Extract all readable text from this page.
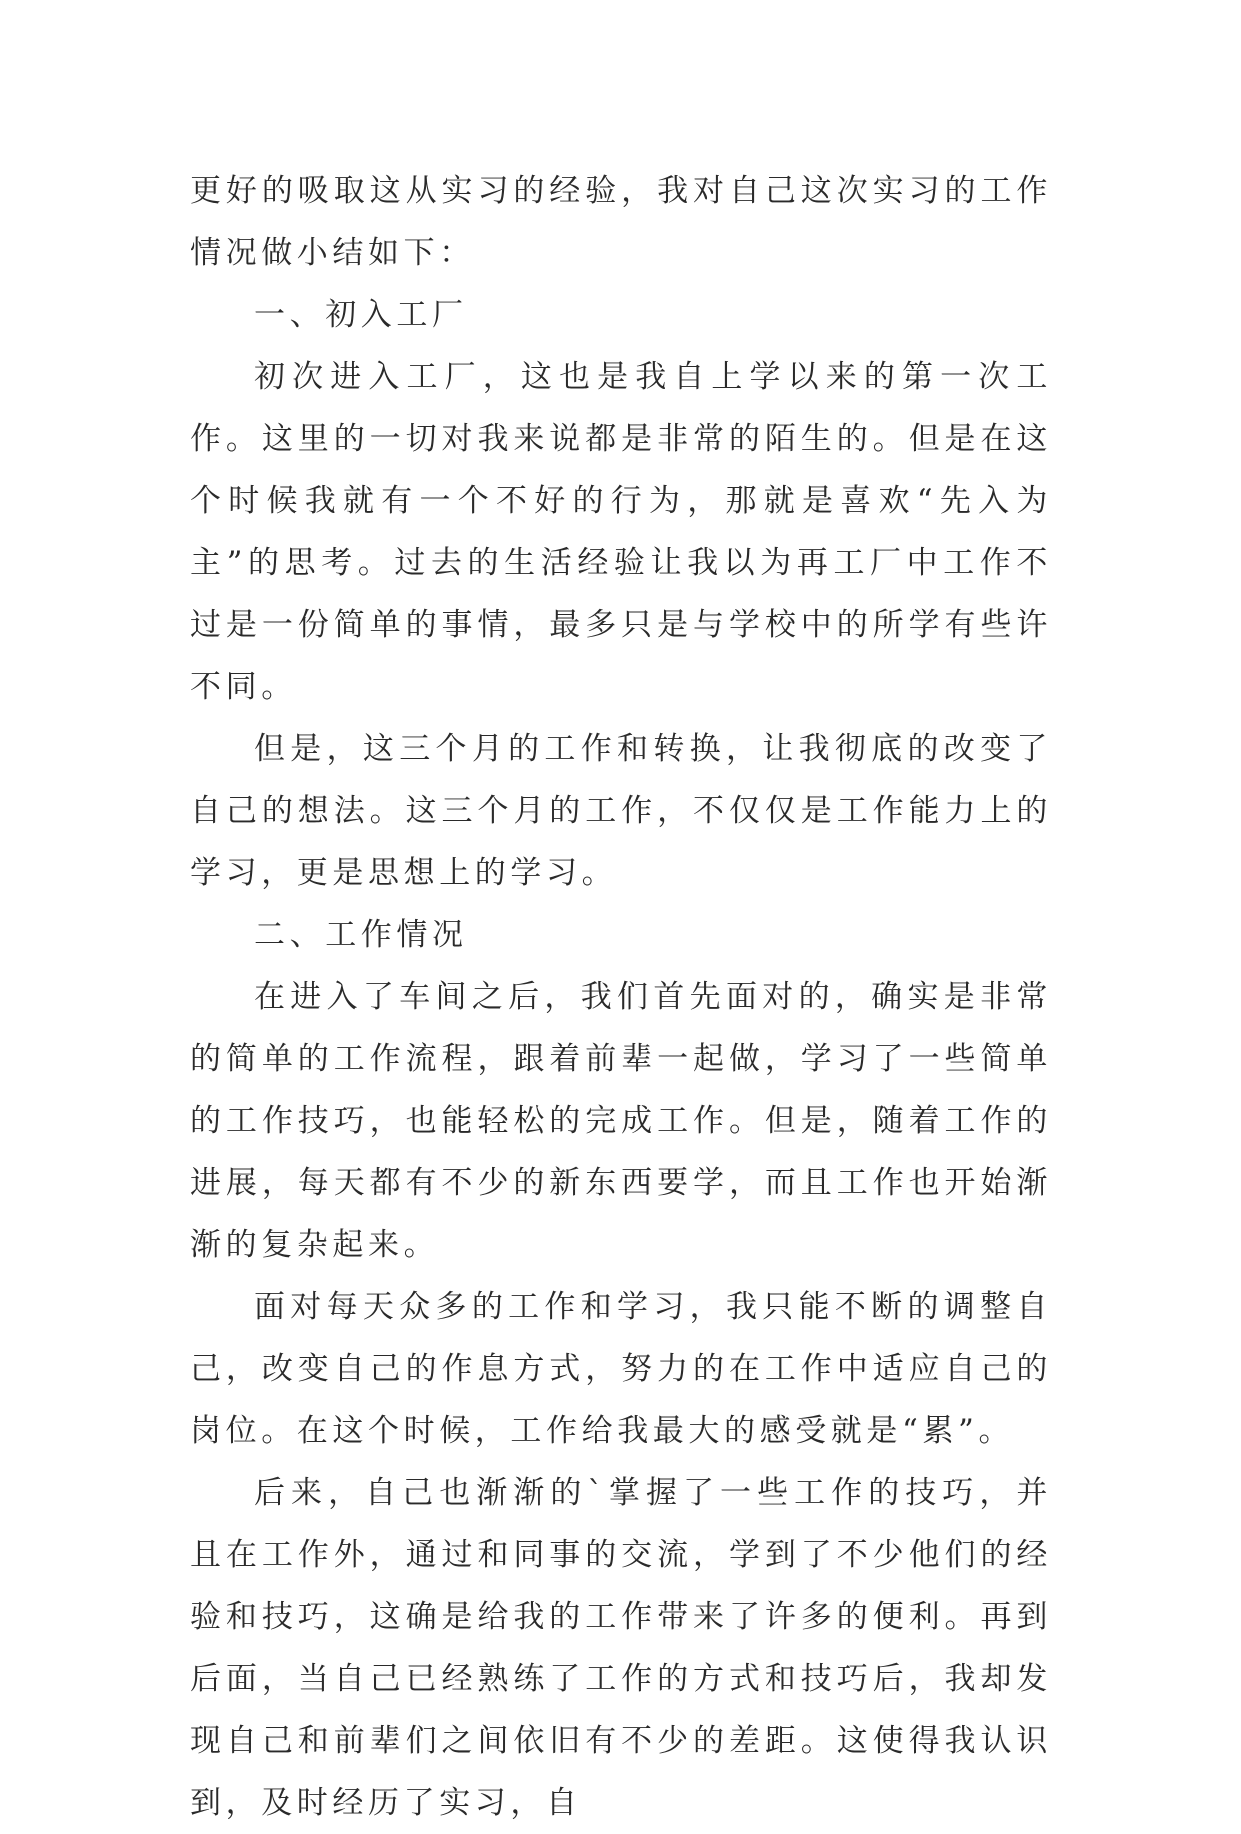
更好的吸取这从实习的经验，我对自己这次实习的工作情况做小结如下：

一、初入工厂

初次进入工厂，这也是我自上学以来的第一次工作。这里的一切对我来说都是非常的陌生的。但是在这个时候我就有一个不好的行为，那就是喜欢“先入为主”的思考。过去的生活经验让我以为再工厂中工作不过是一份简单的事情，最多只是与学校中的所学有些许不同。

但是，这三个月的工作和转换，让我彻底的改变了自己的想法。这三个月的工作，不仅仅是工作能力上的学习，更是思想上的学习。

二、工作情况

在进入了车间之后，我们首先面对的，确实是非常的简单的工作流程，跟着前辈一起做，学习了一些简单的工作技巧，也能轻松的完成工作。但是，随着工作的进展，每天都有不少的新东西要学，而且工作也开始渐渐的复杂起来。

面对每天众多的工作和学习，我只能不断的调整自己，改变自己的作息方式，努力的在工作中适应自己的岗位。在这个时候，工作给我最大的感受就是“累”。

后来，自己也渐渐的`掌握了一些工作的技巧，并且在工作外，通过和同事的交流，学到了不少他们的经验和技巧，这确是给我的工作带来了许多的便利。再到后面，当自己已经熟练了工作的方式和技巧后，我却发现自己和前辈们之间依旧有不少的差距。这使得我认识到，及时经历了实习，自
